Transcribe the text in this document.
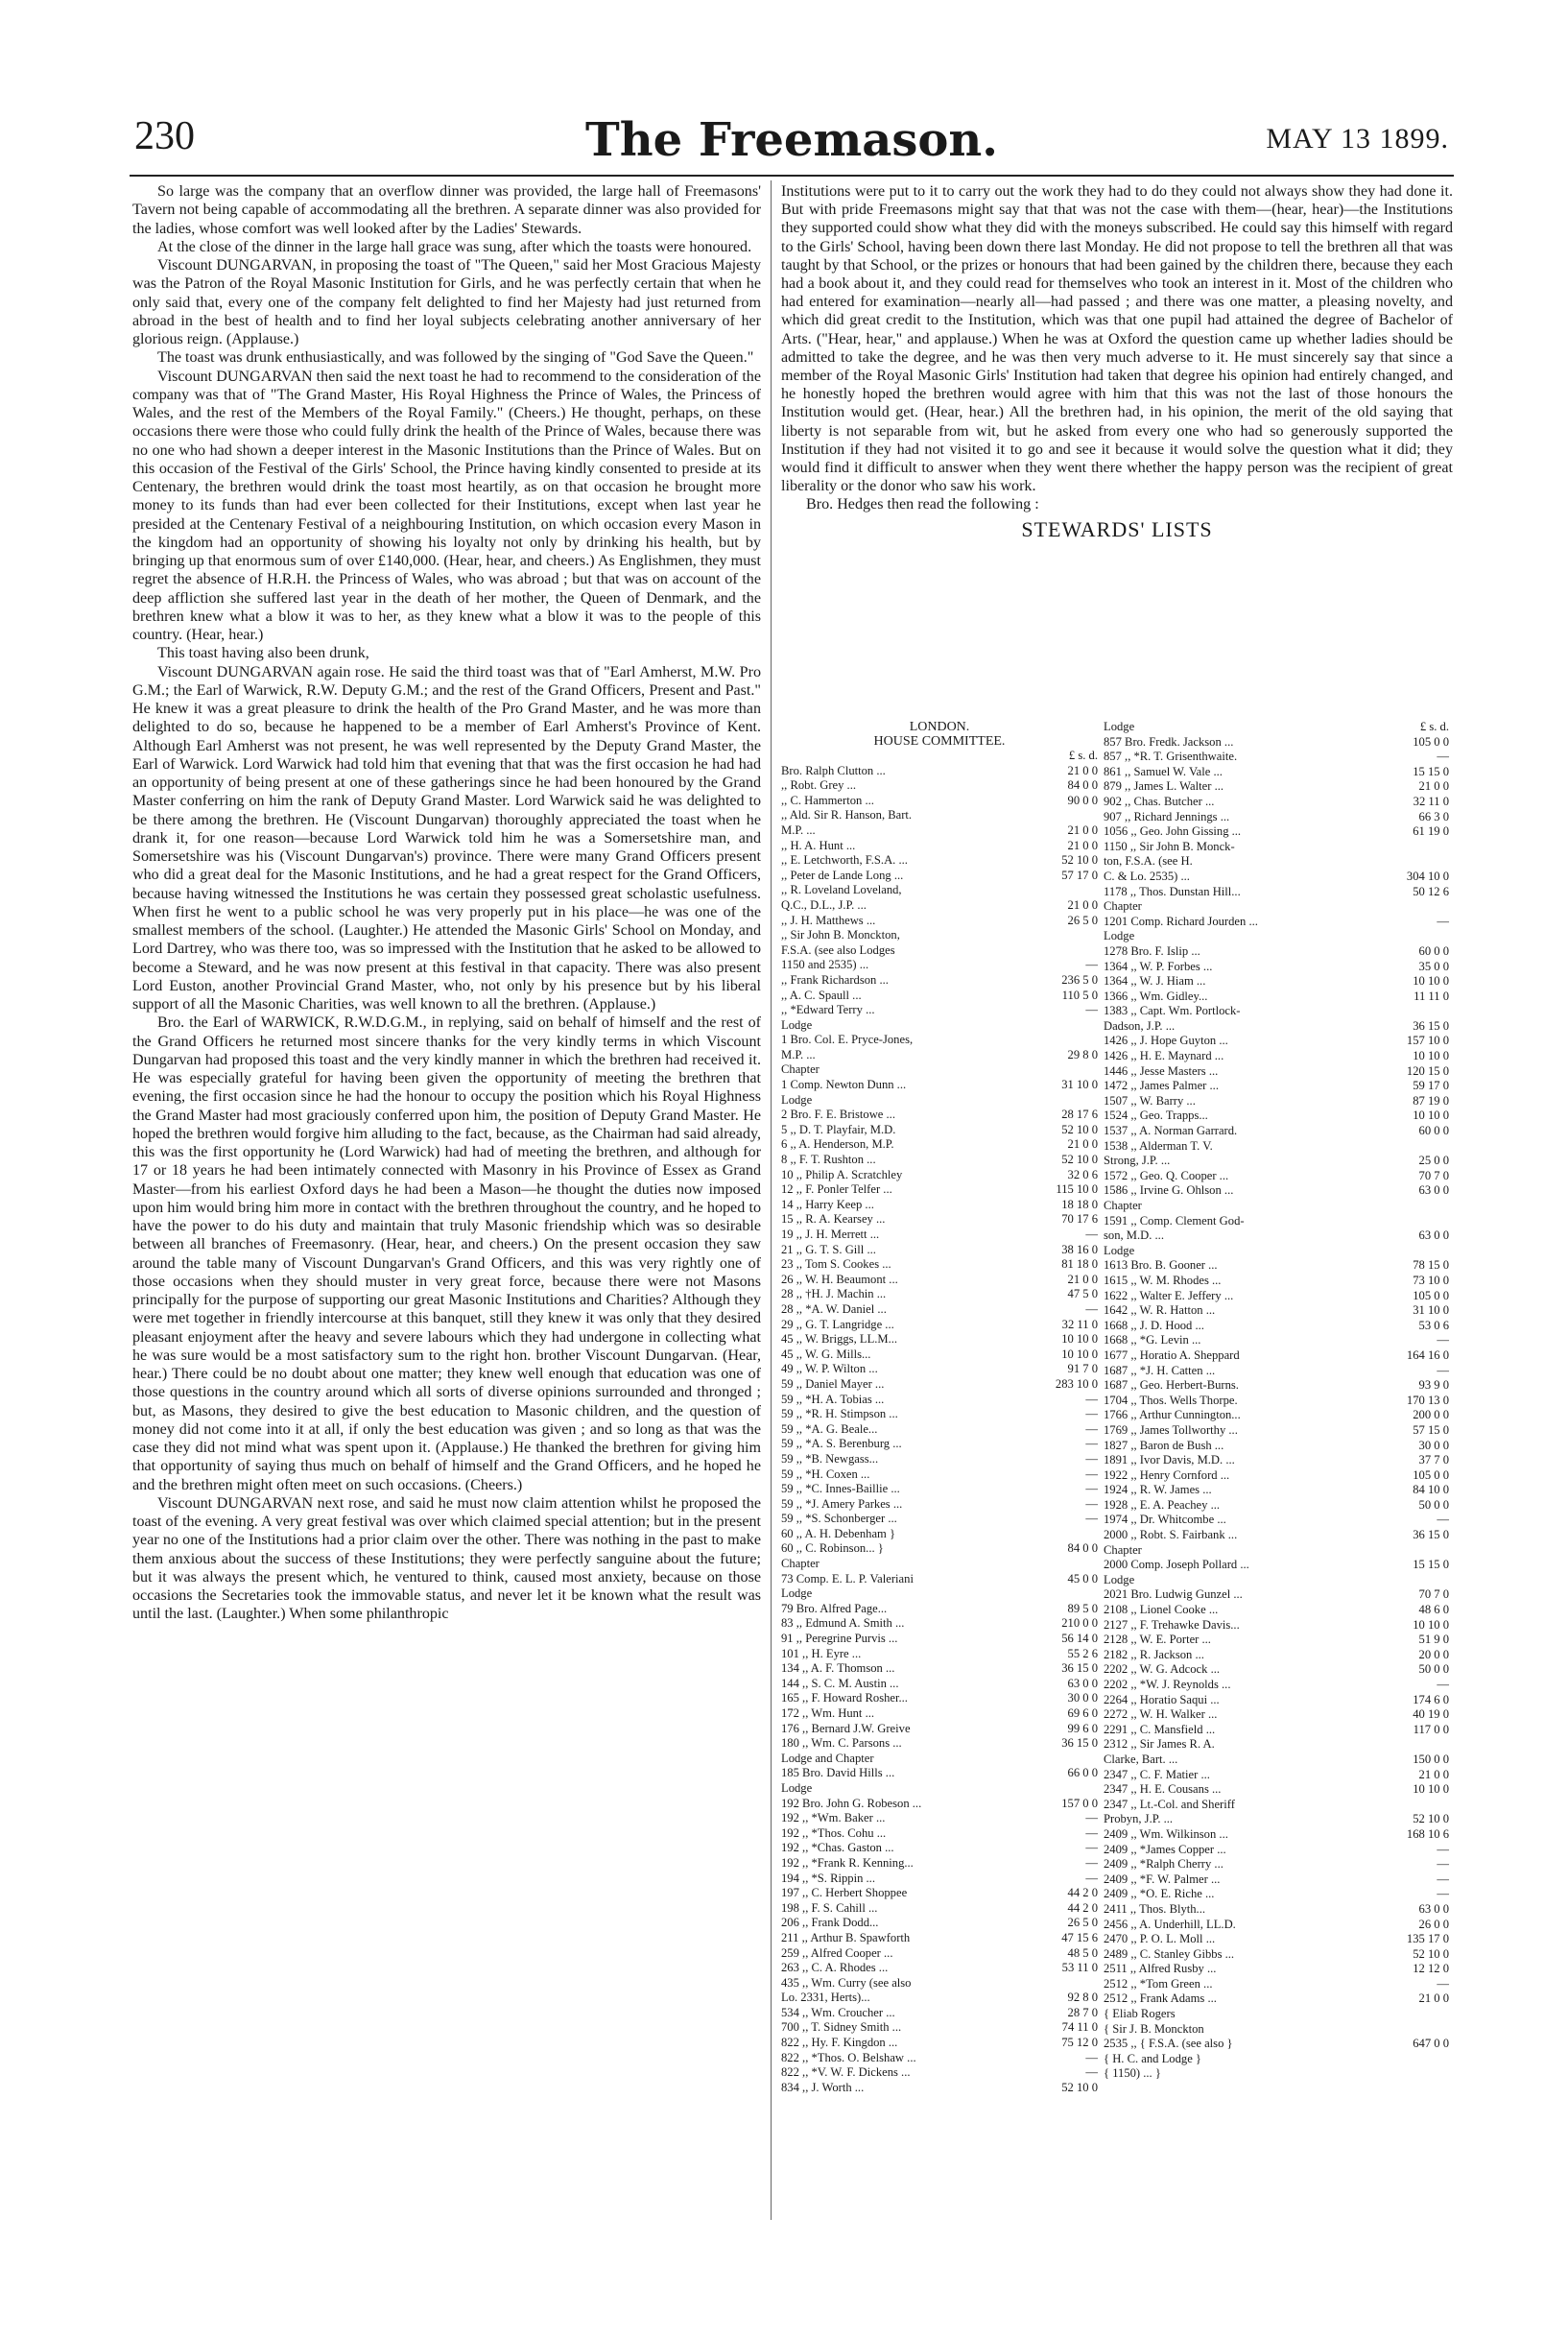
230	The Freemason.	MAY 13 1899.

So large was the company that an overflow dinner was provided, the large hall of Freemasons' Tavern not being capable of accommodating all the brethren. A separate dinner was also provided for the ladies, whose comfort was well looked after by the Ladies' Stewards.

At the close of the dinner in the large hall grace was sung, after which the toasts were honoured.

Viscount DUNGARVAN, in proposing the toast of "The Queen," said her Most Gracious Majesty was the Patron of the Royal Masonic Institution for Girls, and he was perfectly certain that when he only said that, every one of the company felt delighted to find her Majesty had just returned from abroad in the best of health and to find her loyal subjects celebrating another anniversary of her glorious reign. (Applause.)

The toast was drunk enthusiastically, and was followed by the singing of "God Save the Queen."

Viscount DUNGARVAN then said the next toast he had to recommend to the consideration of the company was that of "The Grand Master, His Royal Highness the Prince of Wales, the Princess of Wales, and the rest of the Members of the Royal Family." (Cheers.) He thought, perhaps, on these occasions there were those who could fully drink the health of the Prince of Wales, because there was no one who had shown a deeper interest in the Masonic Institutions than the Prince of Wales. But on this occasion of the Festival of the Girls' School, the Prince having kindly consented to preside at its Centenary, the brethren would drink the toast most heartily, as on that occasion he brought more money to its funds than had ever been collected for their Institutions, except when last year he presided at the Centenary Festival of a neighbouring Institution, on which occasion every Mason in the kingdom had an opportunity of showing his loyalty not only by drinking his health, but by bringing up that enormous sum of over £140,000. (Hear, hear, and cheers.) As Englishmen, they must regret the absence of H.R.H. the Princess of Wales, who was abroad ; but that was on account of the deep affliction she suffered last year in the death of her mother, the Queen of Denmark, and the brethren knew what a blow it was to her, as they knew what a blow it was to the people of this country. (Hear, hear.)

This toast having also been drunk,

Viscount DUNGARVAN again rose. He said the third toast was that of "Earl Amherst, M.W. Pro G.M.; the Earl of Warwick, R.W. Deputy G.M.; and the rest of the Grand Officers, Present and Past." He knew it was a great pleasure to drink the health of the Pro Grand Master, and he was more than delighted to do so, because he happened to be a member of Earl Amherst's Province of Kent. Although Earl Amherst was not present, he was well represented by the Deputy Grand Master, the Earl of Warwick. Lord Warwick had told him that evening that that was the first occasion he had had an opportunity of being present at one of these gatherings since he had been honoured by the Grand Master conferring on him the rank of Deputy Grand Master. Lord Warwick said he was delighted to be there among the brethren. He (Viscount Dungarvan) thoroughly appreciated the toast when he drank it, for one reason—because Lord Warwick told him he was a Somersetshire man, and Somersetshire was his (Viscount Dungarvan's) province. There were many Grand Officers present who did a great deal for the Masonic Institutions, and he had a great respect for the Grand Officers, because having witnessed the Institutions he was certain they possessed great scholastic usefulness. When first he went to a public school he was very properly put in his place—he was one of the smallest members of the school. (Laughter.) He attended the Masonic Girls' School on Monday, and Lord Dartrey, who was there too, was so impressed with the Institution that he asked to be allowed to become a Steward, and he was now present at this festival in that capacity. There was also present Lord Euston, another Provincial Grand Master, who, not only by his presence but by his liberal support of all the Masonic Charities, was well known to all the brethren. (Applause.)

Bro. the Earl of WARWICK, R.W.D.G.M., in replying, said on behalf of himself and the rest of the Grand Officers he returned most sincere thanks for the very kindly terms in which Viscount Dungarvan had proposed this toast and the very kindly manner in which the brethren had received it. He was especially grateful for having been given the opportunity of meeting the brethren that evening, the first occasion since he had the honour to occupy the position which his Royal Highness the Grand Master had most graciously conferred upon him, the position of Deputy Grand Master. He hoped the brethren would forgive him alluding to the fact, because, as the Chairman had said already, this was the first opportunity he (Lord Warwick) had had of meeting the brethren, and although for 17 or 18 years he had been intimately connected with Masonry in his Province of Essex as Grand Master—from his earliest Oxford days he had been a Mason—he thought the duties now imposed upon him would bring him more in contact with the brethren throughout the country, and he hoped to have the power to do his duty and maintain that truly Masonic friendship which was so desirable between all branches of Freemasonry. (Hear, hear, and cheers.) On the present occasion they saw around the table many of Viscount Dungarvan's Grand Officers, and this was very rightly one of those occasions when they should muster in very great force, because there were not Masons principally for the purpose of supporting our great Masonic Institutions and Charities? Although they were met together in friendly intercourse at this banquet, still they knew it was only that they desired pleasant enjoyment after the heavy and severe labours which they had undergone in collecting what he was sure would be a most satisfactory sum to the right hon. brother Viscount Dungarvan. (Hear, hear.) There could be no doubt about one matter; they knew well enough that education was one of those questions in the country around which all sorts of diverse opinions surrounded and thronged ; but, as Masons, they desired to give the best education to Masonic children, and the question of money did not come into it at all, if only the best education was given ; and so long as that was the case they did not mind what was spent upon it. (Applause.) He thanked the brethren for giving him that opportunity of saying thus much on behalf of himself and the Grand Officers, and he hoped he and the brethren might often meet on such occasions. (Cheers.)

Viscount DUNGARVAN next rose, and said he must now claim attention whilst he proposed the toast of the evening. A very great festival was over which claimed special attention; but in the present year no one of the Institutions had a prior claim over the other. There was nothing in the past to make them anxious about the success of these Institutions; they were perfectly sanguine about the future; but it was always the present which, he ventured to think, caused most anxiety, because on those occasions the Secretaries took the immovable status, and never let it be known what the result was until the last. (Laughter.) When some philanthropic

Institutions were put to it to carry out the work they had to do they could not always show they had done it. But with pride Freemasons might say that that was not the case with them—(hear, hear)—the Institutions they supported could show what they did with the moneys subscribed. He could say this himself with regard to the Girls' School, having been down there last Monday. He did not propose to tell the brethren all that was taught by that School, or the prizes or honours that had been gained by the children there, because they each had a book about it, and they could read for themselves who took an interest in it. Most of the children who had entered for examination—nearly all—had passed ; and there was one matter, a pleasing novelty, and which did great credit to the Institution, which was that one pupil had attained the degree of Bachelor of Arts. ("Hear, hear," and applause.) When he was at Oxford the question came up whether ladies should be admitted to take the degree, and he was then very much adverse to it. He must sincerely say that since a member of the Royal Masonic Girls' Institution had taken that degree his opinion had entirely changed, and he honestly hoped the brethren would agree with him that this was not the last of those honours the Institution would get. (Hear, hear.) All the brethren had, in his opinion, the merit of the old saying that liberty is not separable from wit, but he asked from every one who had so generously supported the Institution if they had not visited it to go and see it because it would solve the question what it did; they would find it difficult to answer when they went there whether the happy person was the recipient of great liberality or the donor who saw his work.

Bro. Hedges then read the following :

STEWARDS' LISTS
LONDON.
HOUSE COMMITTEE.
£ s. d.
Bro. Ralph Clutton ...	21 0 0
,, Robt. Grey ...	84 0 0
,, C. Hammerton ...	90 0 0
,, Ald. Sir R. Hanson, Bart.
M.P. ...	21 0 0
,, H. A. Hunt ...	21 0 0
,, E. Letchworth, F.S.A. ...	52 10 0
,, Peter de Lande Long ...	57 17 0
,, R. Loveland Loveland,
Q.C., D.L., J.P. ...	21 0 0
,, J. H. Matthews ...	26 5 0
,, Sir John B. Monckton,
F.S.A. (see also Lodges
1150 and 2535) ...	—
,, Frank Richardson ...	236 5 0
,, A. C. Spaull ...	110 5 0
,, *Edward Terry ...	—
Lodge
1 Bro. Col. E. Pryce-Jones,
M.P. ...	29 8 0
Chapter
1 Comp. Newton Dunn ...	31 10 0
Lodge
2 Bro. F. E. Bristowe ...	28 17 6
5 ,, D. T. Playfair, M.D.	52 10 0
6 ,, A. Henderson, M.P.	21 0 0
8 ,, F. T. Rushton ...	52 10 0
10 ,, Philip A. Scratchley	32 0 6
12 ,, F. Ponler Telfer ...	115 10 0
14 ,, Harry Keep ...	18 18 0
15 ,, R. A. Kearsey ...	70 17 6
19 ,, J. H. Merrett ...	—
21 ,, G. T. S. Gill ...	38 16 0
23 ,, Tom S. Cookes ...	81 18 0
26 ,, W. H. Beaumont ...	21 0 0
28 ,, †H. J. Machin ...	47 5 0
28 ,, *A. W. Daniel ...	—
29 ,, G. T. Langridge ...	32 11 0
45 ,, W. Briggs, LL.M...	10 10 0
45 ,, W. G. Mills...	10 10 0
49 ,, W. P. Wilton ...	91 7 0
59 ,, Daniel Mayer ...	283 10 0
59 ,, *H. A. Tobias ...	—
59 ,, *R. H. Stimpson ...	—
59 ,, *A. G. Beale...	—
59 ,, *A. S. Berenburg ...	—
59 ,, *B. Newgass...	—
59 ,, *H. Coxen ...	—
59 ,, *C. Innes-Baillie ...	—
59 ,, *J. Amery Parkes ...	—
59 ,, *S. Schonberger ...	—
60 ,, A. H. Debenham }
60 ,, C. Robinson... }	84 0 0
Chapter
73 Comp. E. L. P. Valeriani	45 0 0
Lodge
79 Bro. Alfred Page...	89 5 0
83 ,, Edmund A. Smith ...	210 0 0
91 ,, Peregrine Purvis ...	56 14 0
101 ,, H. Eyre ...	55 2 6
134 ,, A. F. Thomson ...	36 15 0
144 ,, S. C. M. Austin ...	63 0 0
165 ,, F. Howard Rosher...	30 0 0
172 ,, Wm. Hunt ...	69 6 0
176 ,, Bernard J.W. Greive	99 6 0
180 ,, Wm. C. Parsons ...	36 15 0
Lodge and Chapter
185 Bro. David Hills ...	66 0 0
Lodge
192 Bro. John G. Robeson ...	157 0 0
192 ,, *Wm. Baker ...	—
192 ,, *Thos. Cohu ...	—
192 ,, *Chas. Gaston ...	—
192 ,, *Frank R. Kenning...	—
194 ,, *S. Rippin ...	—
197 ,, C. Herbert Shoppee	44 2 0
198 ,, F. S. Cahill ...	44 2 0
206 ,, Frank Dodd...	26 5 0
211 ,, Arthur B. Spawforth	47 15 6
259 ,, Alfred Cooper ...	48 5 0
263 ,, C. A. Rhodes ...	53 11 0
435 ,, Wm. Curry (see also
Lo. 2331, Herts)...	92 8 0
534 ,, Wm. Croucher ...	28 7 0
700 ,, T. Sidney Smith ...	74 11 0
822 ,, Hy. F. Kingdon ...	75 12 0
822 ,, *Thos. O. Belshaw ...	—
822 ,, *V. W. F. Dickens ...	—
834 ,, J. Worth ...	52 10 0
Lodge	£ s. d.
857 Bro. Fredk. Jackson ...	105 0 0
857 ,, *R. T. Grisenthwaite.	—
861 ,, Samuel W. Vale ...	15 15 0
879 ,, James L. Walter ...	21 0 0
902 ,, Chas. Butcher ...	32 11 0
907 ,, Richard Jennings ...	66 3 0
1056 ,, Geo. John Gissing ...	61 19 0
1150 ,, Sir John B. Monck-
ton, F.S.A. (see H.
C. & Lo. 2535) ...	304 10 0
1178 ,, Thos. Dunstan Hill...	50 12 6
Chapter
1201 Comp. Richard Jourden ...	—
Lodge
1278 Bro. F. Islip ...	60 0 0
1364 ,, W. P. Forbes ...	35 0 0
1364 ,, W. J. Hiam ...	10 10 0
1366 ,, Wm. Gidley...	11 11 0
1383 ,, Capt. Wm. Portlock-
Dadson, J.P. ...	36 15 0
1426 ,, J. Hope Guyton ...	157 10 0
1426 ,, H. E. Maynard ...	10 10 0
1446 ,, Jesse Masters ...	120 15 0
1472 ,, James Palmer ...	59 17 0
1507 ,, W. Barry ...	87 19 0
1524 ,, Geo. Trapps...	10 10 0
1537 ,, A. Norman Garrard.	60 0 0
1538 ,, Alderman T. V.
Strong, J.P. ...	25 0 0
1572 ,, Geo. Q. Cooper ...	70 7 0
1586 ,, Irvine G. Ohlson ...	63 0 0
Chapter
1591 ,, Comp. Clement God-
son, M.D. ...	63 0 0
Lodge
1613 Bro. B. Gooner ...	78 15 0
1615 ,, W. M. Rhodes ...	73 10 0
1622 ,, Walter E. Jeffery ...	105 0 0
1642 ,, W. R. Hatton ...	31 10 0
1668 ,, J. D. Hood ...	53 0 6
1668 ,, *G. Levin ...	—
1677 ,, Horatio A. Sheppard	164 16 0
1687 ,, *J. H. Catten ...	—
1687 ,, Geo. Herbert-Burns.	93 9 0
1704 ,, Thos. Wells Thorpe.	170 13 0
1766 ,, Arthur Cunnington...	200 0 0
1769 ,, James Tollworthy ...	57 15 0
1827 ,, Baron de Bush ...	30 0 0
1891 ,, Ivor Davis, M.D. ...	37 7 0
1922 ,, Henry Cornford ...	105 0 0
1924 ,, R. W. James ...	84 10 0
1928 ,, E. A. Peachey ...	50 0 0
1974 ,, Dr. Whitcombe ...	—
2000 ,, Robt. S. Fairbank ...	36 15 0
Chapter
2000 Comp. Joseph Pollard ...	15 15 0
Lodge
2021 Bro. Ludwig Gunzel ...	70 7 0
2108 ,, Lionel Cooke ...	48 6 0
2127 ,, F. Trehawke Davis...	10 10 0
2128 ,, W. E. Porter ...	51 9 0
2182 ,, R. Jackson ...	20 0 0
2202 ,, W. G. Adcock ...	50 0 0
2202 ,, *W. J. Reynolds ...	—
2264 ,, Horatio Saqui ...	174 6 0
2272 ,, W. H. Walker ...	40 19 0
2291 ,, C. Mansfield ...	117 0 0
2312 ,, Sir James R. A.
Clarke, Bart. ...	150 0 0
2347 ,, C. F. Matier ...	21 0 0
2347 ,, H. E. Cousans ...	10 10 0
2347 ,, Lt.-Col. and Sheriff
Probyn, J.P. ...	52 10 0
2409 ,, Wm. Wilkinson ...	168 10 6
2409 ,, *James Copper ...	—
2409 ,, *Ralph Cherry ...	—
2409 ,, *F. W. Palmer ...	—
2409 ,, *O. E. Riche ...	—
2411 ,, Thos. Blyth...	63 0 0
2456 ,, A. Underhill, LL.D.	26 0 0
2470 ,, P. O. L. Moll ...	135 17 0
2489 ,, C. Stanley Gibbs ...	52 10 0
2511 ,, Alfred Rusby ...	12 12 0
2512 ,, *Tom Green ...	—
2512 ,, Frank Adams ...	21 0 0
{ Eliab Rogers
{ Sir J. B. Monckton
2535 ,, { F.S.A. (see also }	647 0 0
{ H. C. and Lodge }
{ 1150) ... }
